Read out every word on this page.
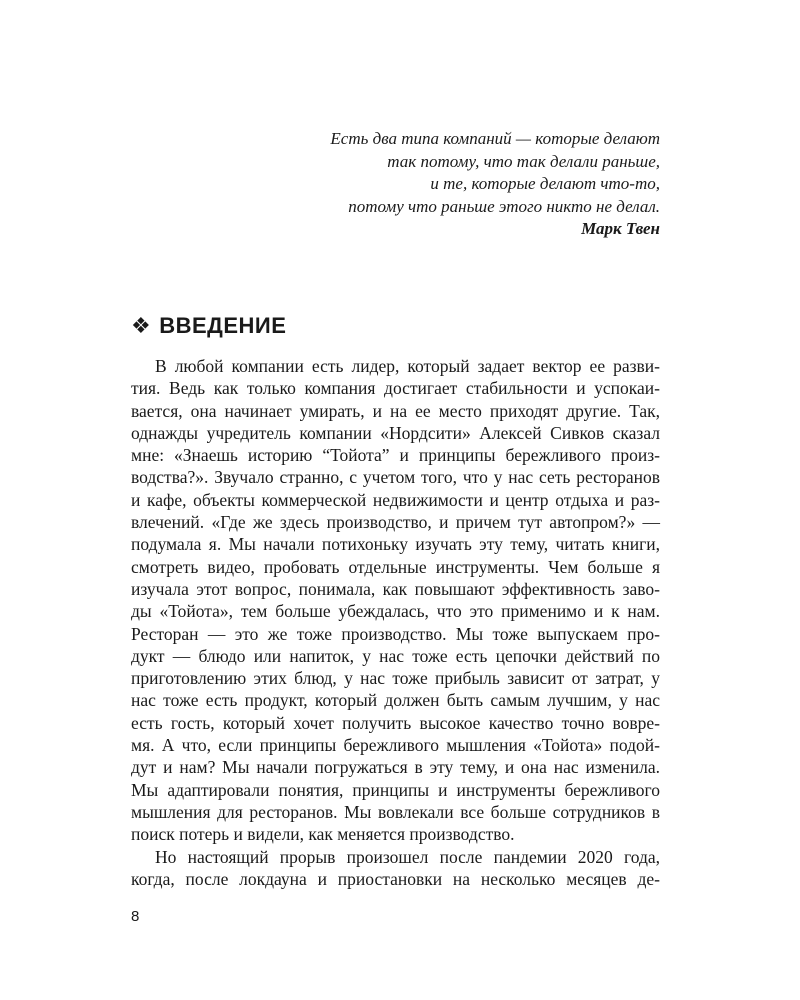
Есть два типа компаний — которые делают
так потому, что так делали раньше,
и те, которые делают что-то,
потому что раньше этого никто не делал.
Марк Твен
❖ ВВЕДЕНИЕ
В любой компании есть лидер, который задает вектор ее разви-
тия. Ведь как только компания достигает стабильности и успокаи-
вается, она начинает умирать, и на ее место приходят другие. Так,
однажды учредитель компании «Нордсити» Алексей Сивков сказал
мне: «Знаешь историю “Тойота” и принципы бережливого произ-
водства?». Звучало странно, с учетом того, что у нас сеть ресторанов
и кафе, объекты коммерческой недвижимости и центр отдыха и раз-
влечений. «Где же здесь производство, и причем тут автопром?» —
подумала я. Мы начали потихоньку изучать эту тему, читать книги,
смотреть видео, пробовать отдельные инструменты. Чем больше я
изучала этот вопрос, понимала, как повышают эффективность заво-
ды «Тойота», тем больше убеждалась, что это применимо и к нам.
Ресторан — это же тоже производство. Мы тоже выпускаем про-
дукт — блюдо или напиток, у нас тоже есть цепочки действий по
приготовлению этих блюд, у нас тоже прибыль зависит от затрат, у
нас тоже есть продукт, который должен быть самым лучшим, у нас
есть гость, который хочет получить высокое качество точно вовре-
мя. А что, если принципы бережливого мышления «Тойота» подой-
дут и нам? Мы начали погружаться в эту тему, и она нас изменила.
Мы адаптировали понятия, принципы и инструменты бережливого
мышления для ресторанов. Мы вовлекали все больше сотрудников в
поиск потерь и видели, как меняется производство.
Но настоящий прорыв произошел после пандемии 2020 года,
когда, после локдауна и приостановки на несколько месяцев де-
8
